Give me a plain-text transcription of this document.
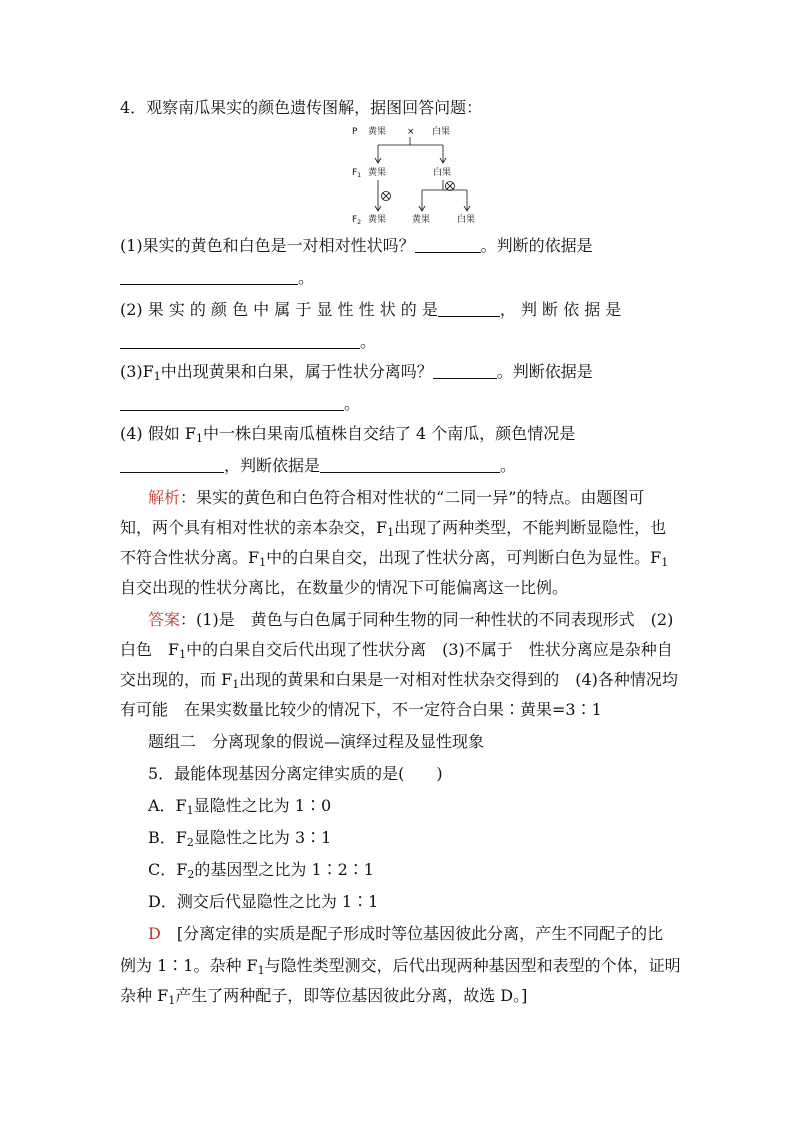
4．观察南瓜果实的颜色遗传图解，据图回答问题：
P 黄果 × 白果
$F_1$ 黄果	白果
$F_2$ 黄果	黄果	白果
(1)果实的黄色和白色是一对相对性状吗？	。判断的依据是
。
(2) 果 实 的 颜 色 中 属 于 显 性 性 状 的 是	， 判 断 依 据 是
。
$(3)F_1$中出现黄果和白果，属于性状分离吗？	。判断依据是
。
(4) 假如 $F_1$中一株白果南瓜植株自交结了 4 个南瓜，颜色情况是
，判断依据是	。
解析：果实的黄色和白色符合相对性状的“二同一异”的特点。由题图可
知，两个具有相对性状的亲本杂交，$F_1$出现了两种类型，不能判断显隐性，也
不符合性状分离。$F_1$中的白果自交，出现了性状分离，可判断白色为显性。$F_1$
自交出现的性状分离比，在数量少的情况下可能偏离这一比例。
答案：(1)是　黄色与白色属于同种生物的同一种性状的不同表现形式　(2)
白色　$F_1$中的白果自交后代出现了性状分离　(3)不属于　性状分离应是杂种自
交出现的，而 $F_1$出现的黄果和白果是一对相对性状杂交得到的　(4)各种情况均
有可能　在果实数量比较少的情况下，不一定符合白果∶黄果=3∶1
题组二　分离现象的假说—演绎过程及显性现象
5．最能体现基因分离定律实质的是(　　)
A．$F_1$显隐性之比为 1∶0
B．$F_2$显隐性之比为 3∶1
C．$F_2$的基因型之比为 1∶2∶1
D．测交后代显隐性之比为 1∶1
D　[分离定律的实质是配子形成时等位基因彼此分离，产生不同配子的比
例为 1∶1。杂种 $F_1$与隐性类型测交，后代出现两种基因型和表型的个体，证明
杂种 $F_1$产生了两种配子，即等位基因彼此分离，故选 D。]
